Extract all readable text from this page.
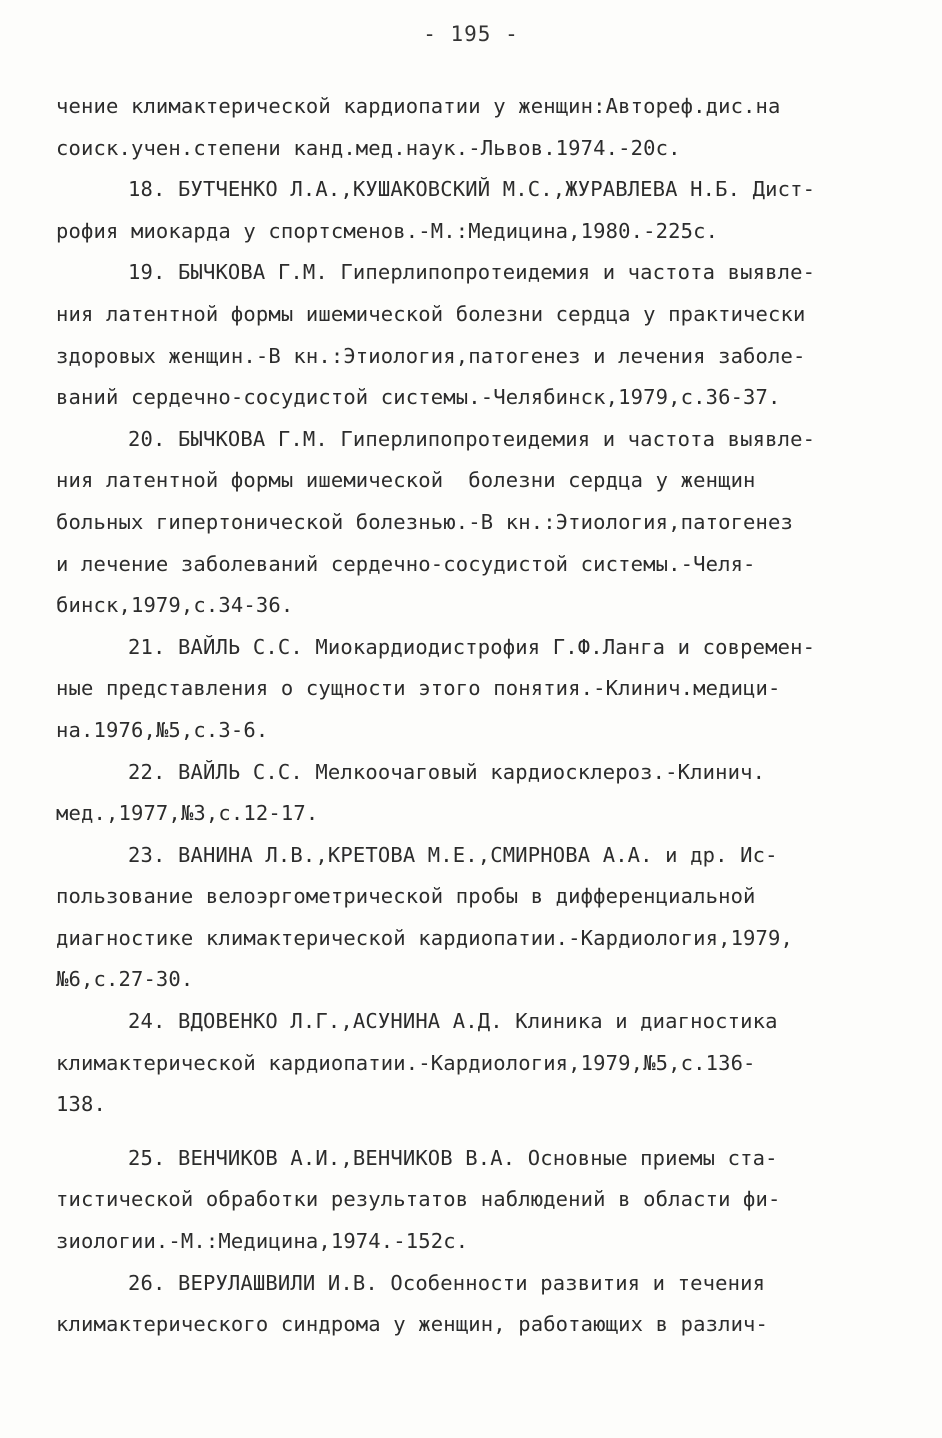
- 195 -
чение климактерической кардиопатии у женщин:Автореф.дис.на
соиск.учен.степени канд.мед.наук.-Львов.1974.-20с.
18. БУТЧЕНКО Л.А.,КУШАКОВСКИЙ М.С.,ЖУРАВЛЕВА Н.Б. Дист-
рофия миокарда у спортсменов.-М.:Медицина,1980.-225с.
19. БЫЧКОВА Г.М. Гиперлипопротеидемия и частота выявле-
ния латентной формы ишемической болезни сердца у практически
здоровых женщин.-В кн.:Этиология,патогенез и лечения заболе-
ваний сердечно-сосудистой системы.-Челябинск,1979,с.36-37.
20. БЫЧКОВА Г.М. Гиперлипопротеидемия и частота выявле-
ния латентной формы ишемической  болезни сердца у женщин
больных гипертонической болезнью.-В кн.:Этиология,патогенез
и лечение заболеваний сердечно-сосудистой системы.-Челя-
бинск,1979,с.34-36.
21. ВАЙЛЬ С.С. Миокардиодистрофия Г.Ф.Ланга и современ-
ные представления о сущности этого понятия.-Клинич.медици-
на.1976,№5,с.3-6.
22. ВАЙЛЬ С.С. Мелкоочаговый кардиосклероз.-Клинич.
мед.,1977,№3,с.12-17.
23. ВАНИНА Л.В.,КРЕТОВА М.Е.,СМИРНОВА А.А. и др. Ис-
пользование велоэргометрической пробы в дифференциальной
диагностике климактерической кардиопатии.-Кардиология,1979,
№6,с.27-30.
24. ВДОВЕНКО Л.Г.,АСУНИНА А.Д. Клиника и диагностика
климактерической кардиопатии.-Кардиология,1979,№5,с.136-
138.
25. ВЕНЧИКОВ А.И.,ВЕНЧИКОВ В.А. Основные приемы ста-
тистической обработки результатов наблюдений в области фи-
зиологии.-М.:Медицина,1974.-152с.
26. ВЕРУЛАШВИЛИ И.В. Особенности развития и течения
климактерического синдрома у женщин, работающих в различ-
